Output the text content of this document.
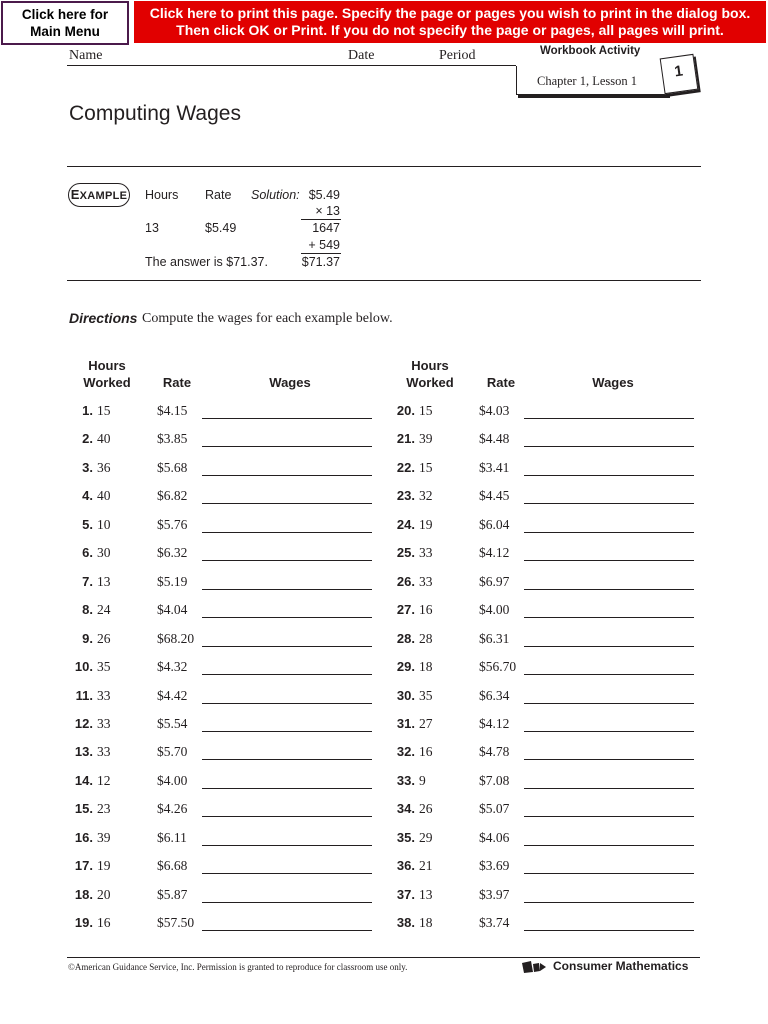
Click here for
Main Menu
Click here to print this page. Specify the page or pages you wish to print in the dialog box.
Then click OK or Print. If you do not specify the page or pages, all pages will print.
Name	Date	Period	Workbook Activity
Chapter 1, Lesson 1
1
Computing Wages
EXAMPLE Hours Rate Solution: $5.49
× 13
13	$5.49	1647
+ 549
The answer is $71.37.	$71.37
Directions Compute the wages for each example below.
Hours
Worked	Rate	Wages
Hours
Worked	Rate	Wages
1. 15	$4.15
2. 40	$3.85
3. 36	$5.68
4. 40	$6.82
5. 10	$5.76
6. 30	$6.32
7. 13	$5.19
8. 24	$4.04
9. 26	$68.20
10. 35	$4.32
11. 33	$4.42
12. 33	$5.54
13. 33	$5.70
14. 12	$4.00
15. 23	$4.26
16. 39	$6.11
17. 19	$6.68
18. 20	$5.87
19. 16	$57.50
20. 15	$4.03
21. 39	$4.48
22. 15	$3.41
23. 32	$4.45
24. 19	$6.04
25. 33	$4.12
26. 33	$6.97
27. 16	$4.00
28. 28	$6.31
29. 18	$56.70
30. 35	$6.34
31. 27	$4.12
32. 16	$4.78
33. 9	$7.08
34. 26	$5.07
35. 29	$4.06
36. 21	$3.69
37. 13	$3.97
38. 18	$3.74
©American Guidance Service, Inc. Permission is granted to reproduce for classroom use only.	Consumer Mathematics
